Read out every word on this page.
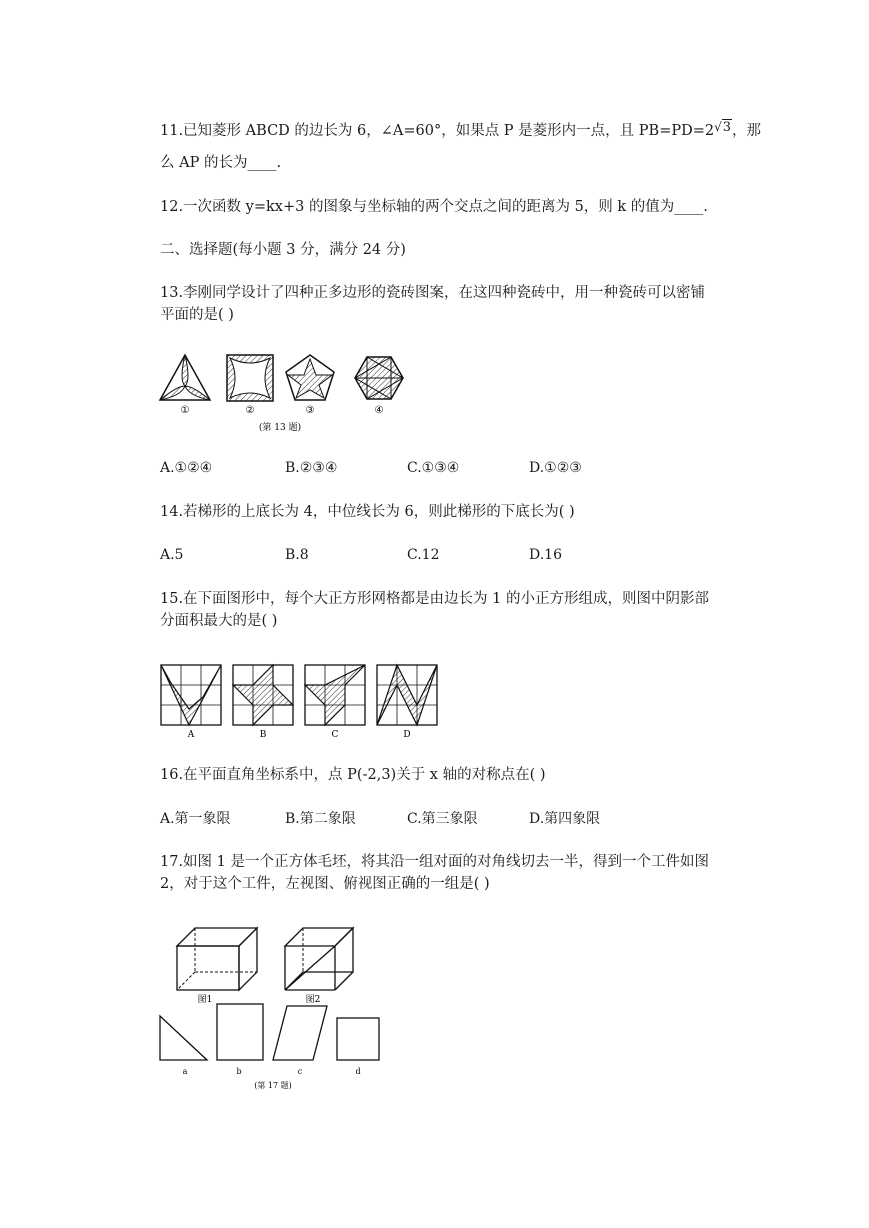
11.已知菱形 ABCD 的边长为 6，∠A=60°，如果点 P 是菱形内一点，且 PB=PD=2√3，那
么 AP 的长为____.
12.一次函数 y=kx+3 的图象与坐标轴的两个交点之间的距离为 5，则 k 的值为____.
二、选择题(每小题 3 分，满分 24 分)
13.李刚同学设计了四种正多边形的瓷砖图案，在这四种瓷砖中，用一种瓷砖可以密铺
平面的是( )
①	②	③	④
(第 13 题)
A.①②④	B.②③④	C.①③④	D.①②③
14.若梯形的上底长为 4，中位线长为 6，则此梯形的下底长为( )
A.5	B.8	C.12	D.16
15.在下面图形中，每个大正方形网格都是由边长为 1 的小正方形组成，则图中阴影部
分面积最大的是( )
A	B	C	D
16.在平面直角坐标系中，点 P(-2,3)关于 x 轴的对称点在( )
A.第一象限	B.第二象限	C.第三象限	D.第四象限
17.如图 1 是一个正方体毛坯，将其沿一组对面的对角线切去一半，得到一个工件如图
2，对于这个工件，左视图、俯视图正确的一组是( )
图1	图2
a	b	c	d
(第 17 题)
